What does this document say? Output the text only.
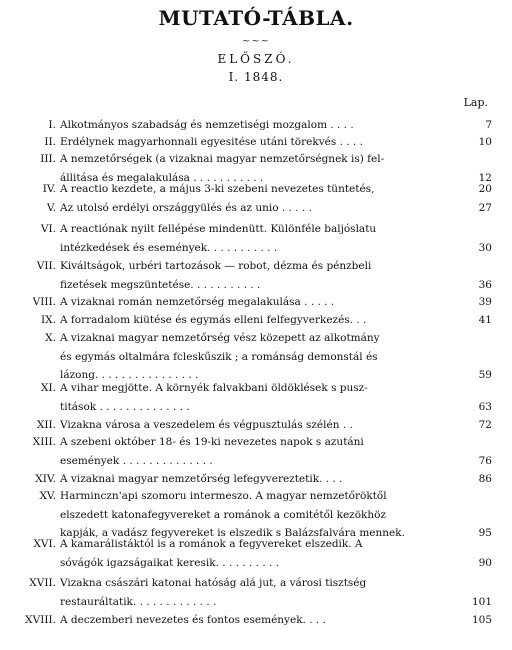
MUTATÓ-TÁBLA.
~~~
ELŐSZÓ.
I. 1848.
Lap.
I. Alkotmányos szabadság és nemzetiségi mozgalom . . . .	7
II. Erdélynek magyarhonnali egyesitése utáni törekvés . . . .	10
III. A nemzetőrségek (a vizaknai magyar nemzetőrségnek is) fel-
állitása és megalakulása . . . . . . . . . . .	12
IV. A reactio kezdete, a május 3-ki szebeni nevezetes tüntetés,	20
V. Az utolsó erdélyi országgyülés és az unio . . . . .	27
VI. A reactiónak nyilt fellépése mindenütt. Különféle baljóslatu
intézkedések és események. . . . . . . . . . .	30
VII. Kiváltságok, urbéri tartozások — robot, dézma és pénzbeli
fizetések megszüntetése. . . . . . . . . . .	36
VIII. A vizaknai román nemzetőrség megalakulása . . . . .	39
IX. A forradalom kiütése és egymás elleni felfegyverkezés. . .	41
X. A vizaknai magyar nemzetőrség vész közepett az alkotmány
és egymás oltalmára fcleskűszik ; a románság demonstál és
lázong. . . . . . . . . . . . . . . .	59
XI. A vihar megjötte. A környék falvakbani öldöklések s pusz-
titások . . . . . . . . . . . . . .	63
XII. Vizakna városa a veszedelem és végpusztulás szélén . .	72
XIII. A szebeni október 18- és 19-ki nevezetes napok s azutáni
események . . . . . . . . . . . . . .	76
XIV. A vizaknai magyar nemzetőrség lefegyvereztetik. . . .	86
XV. Harminczn'api szomoru intermeszo. A magyar nemzetőröktől
elszedett katonafegyvereket a románok a comitétől kezökhöz
kapják, a vadász fegyvereket is elszedik s Balázsfalvára mennek.	95
XVI. A kamarálistáktól is a románok a fegyvereket elszedik. A
sóvágók igazságaikat keresik. . . . . . . . . .	90
XVII. Vizakna császári katonai hatóság alá jut, a városi tisztség
restauráltatik. . . . . . . . . . . . .	101
XVIII. A deczemberi nevezetes és fontos események. . . .	105
